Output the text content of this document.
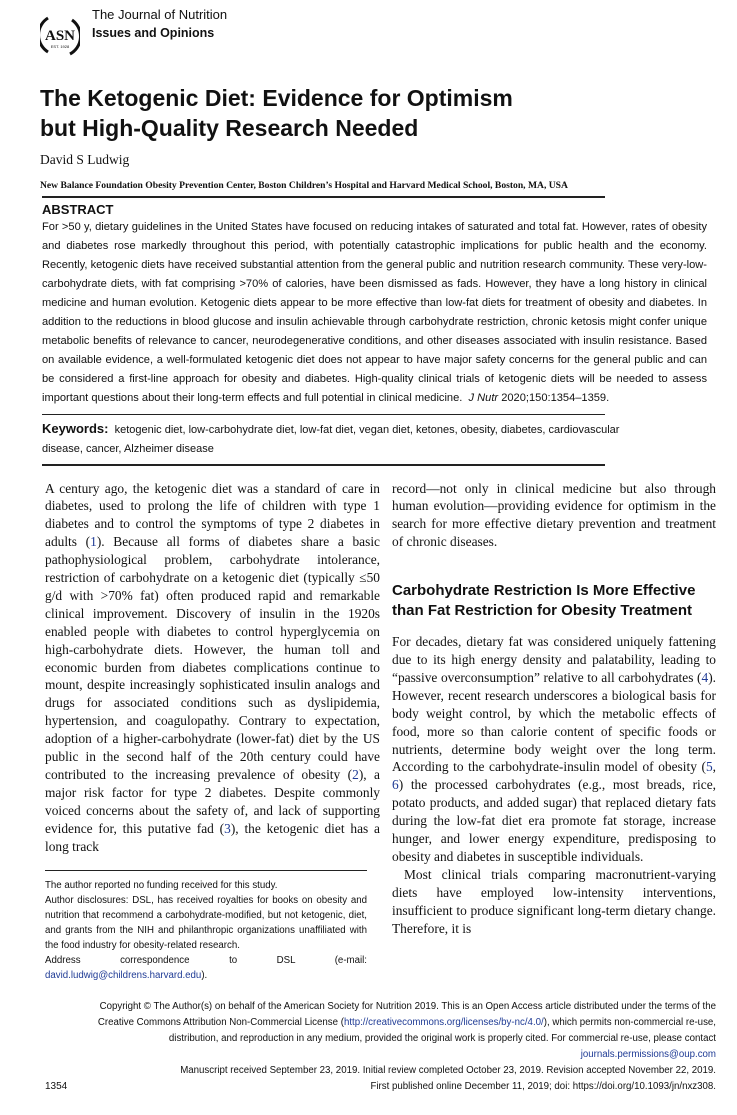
ASN
EST. 1928
The Journal of Nutrition
Issues and Opinions
The Ketogenic Diet: Evidence for Optimism
but High-Quality Research Needed
David S Ludwig
New Balance Foundation Obesity Prevention Center, Boston Children’s Hospital and Harvard Medical School, Boston, MA, USA
ABSTRACT
For >50 y, dietary guidelines in the United States have focused on reducing intakes of saturated and total fat. However, rates of obesity and diabetes rose markedly throughout this period, with potentially catastrophic implications for public health and the economy. Recently, ketogenic diets have received substantial attention from the general public and nutrition research community. These very-low-carbohydrate diets, with fat comprising >70% of calories, have been dismissed as fads. However, they have a long history in clinical medicine and human evolution. Ketogenic diets appear to be more effective than low-fat diets for treatment of obesity and diabetes. In addition to the reductions in blood glucose and insulin achievable through carbohydrate restriction, chronic ketosis might confer unique metabolic benefits of relevance to cancer, neurodegenerative conditions, and other diseases associated with insulin resistance. Based on available evidence, a well-formulated ketogenic diet does not appear to have major safety concerns for the general public and can be considered a first-line approach for obesity and diabetes. High-quality clinical trials of ketogenic diets will be needed to assess important questions about their long-term effects and full potential in clinical medicine. J Nutr 2020;150:1354–1359.
Keywords: ketogenic diet, low-carbohydrate diet, low-fat diet, vegan diet, ketones, obesity, diabetes, cardiovascular disease, cancer, Alzheimer disease

A century ago, the ketogenic diet was a standard of care in diabetes, used to prolong the life of children with type 1 diabetes and to control the symptoms of type 2 diabetes in adults (1). Because all forms of diabetes share a basic pathophysiological problem, carbohydrate intolerance, restriction of carbohydrate on a ketogenic diet (typically ≤50 g/d with >70% fat) often produced rapid and remarkable clinical improvement. Discovery of insulin in the 1920s enabled people with diabetes to control hyperglycemia on high-carbohydrate diets. However, the human toll and economic burden from diabetes complications continue to mount, despite increasingly sophisticated insulin analogs and drugs for associated conditions such as dyslipidemia, hypertension, and coagulopathy. Contrary to expectation, adoption of a higher-carbohydrate (lower-fat) diet by the US public in the second half of the 20th century could have contributed to the increasing prevalence of obesity (2), a major risk factor for type 2 diabetes. Despite commonly voiced concerns about the safety of, and lack of supporting evidence for, this putative fad (3), the ketogenic diet has a long track

The author reported no funding received for this study.
Author disclosures: DSL, has received royalties for books on obesity and nutrition that recommend a carbohydrate-modified, but not ketogenic, diet, and grants from the NIH and philanthropic organizations unaffiliated with the food industry for obesity-related research.
Address correspondence to DSL (e-mail: david.ludwig@childrens.harvard.edu).

record—not only in clinical medicine but also through human evolution—providing evidence for optimism in the search for more effective dietary prevention and treatment of chronic diseases.

Carbohydrate Restriction Is More Effective than Fat Restriction for Obesity Treatment

For decades, dietary fat was considered uniquely fattening due to its high energy density and palatability, leading to “passive overconsumption” relative to all carbohydrates (4). However, recent research underscores a biological basis for body weight control, by which the metabolic effects of food, more so than calorie content of specific foods or nutrients, determine body weight over the long term. According to the carbohydrate-insulin model of obesity (5, 6) the processed carbohydrates (e.g., most breads, rice, potato products, and added sugar) that replaced dietary fats during the low-fat diet era promote fat storage, increase hunger, and lower energy expenditure, predisposing to obesity and diabetes in susceptible individuals.

Most clinical trials comparing macronutrient-varying diets have employed low-intensity interventions, insufficient to produce significant long-term dietary change. Therefore, it is

1354
Copyright © The Author(s) on behalf of the American Society for Nutrition 2019. This is an Open Access article distributed under the terms of the Creative Commons Attribution Non-Commercial License (http://creativecommons.org/licenses/by-nc/4.0/), which permits non-commercial re-use, distribution, and reproduction in any medium, provided the original work is properly cited. For commercial re-use, please contact journals.permissions@oup.com
Manuscript received September 23, 2019. Initial review completed October 23, 2019. Revision accepted November 22, 2019.
First published online December 11, 2019; doi: https://doi.org/10.1093/jn/nxz308.
